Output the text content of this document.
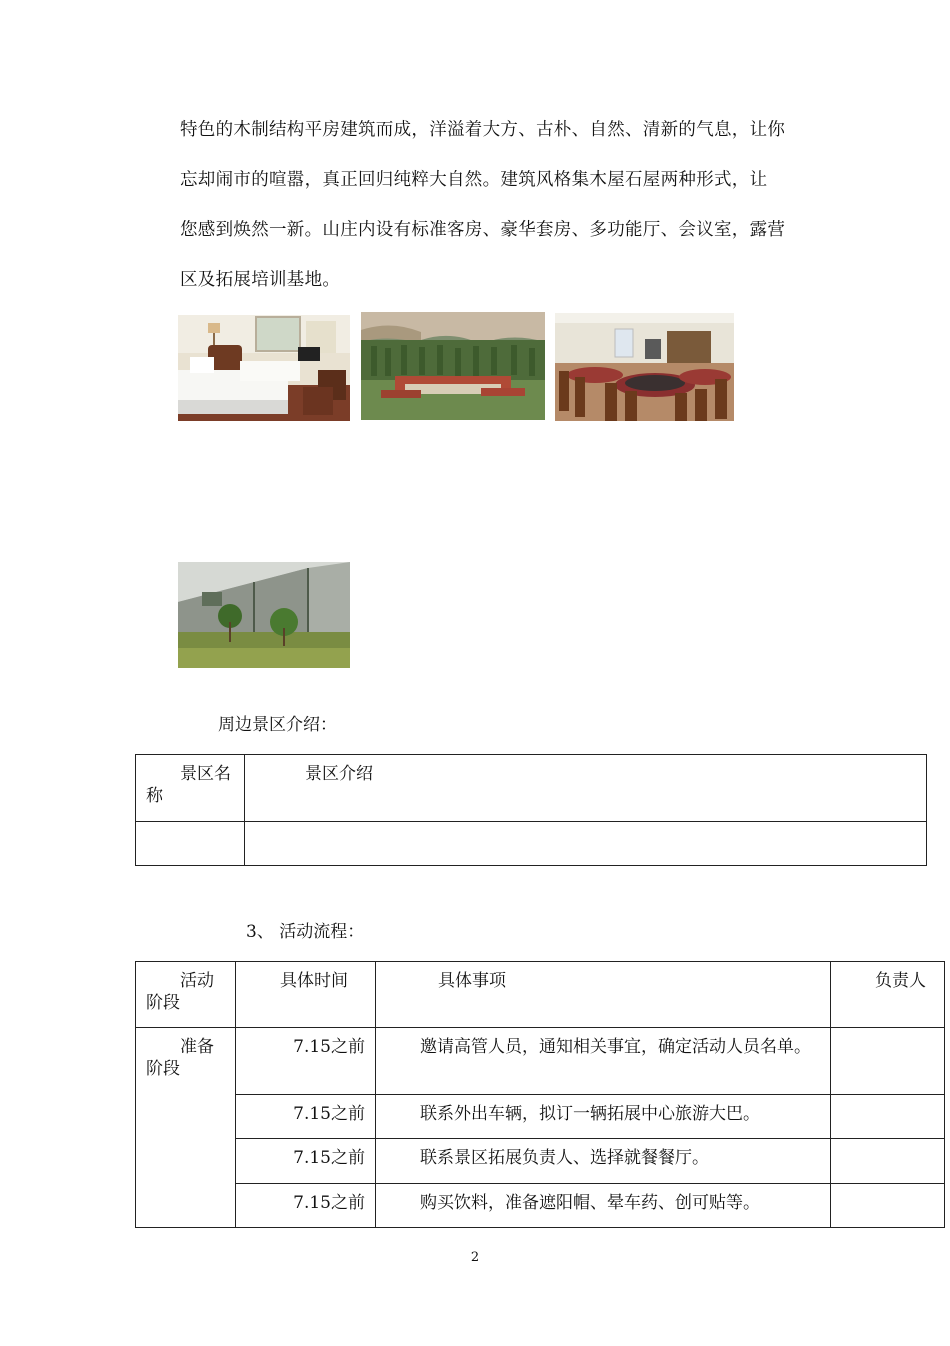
特色的木制结构平房建筑而成，洋溢着大方、古朴、自然、清新的气息，让你

忘却闹市的喧嚣，真正回归纯粹大自然。建筑风格集木屋石屋两种形式，让

您感到焕然一新。山庄内设有标准客房、豪华套房、多功能厅、会议室，露营

区及拓展培训基地。

周边景区介绍：

景区名称	景区介绍

3、 活动流程：

活动阶段	具体时间	具体事项	负责人
准备阶段	7.15之前	邀请高管人员，通知相关事宜，确定活动人员名单。	
	7.15之前	联系外出车辆，拟订一辆拓展中心旅游大巴。	
	7.15之前	联系景区拓展负责人、选择就餐餐厅。	
	7.15之前	购买饮料，准备遮阳帽、晕车药、创可贴等。	
2
